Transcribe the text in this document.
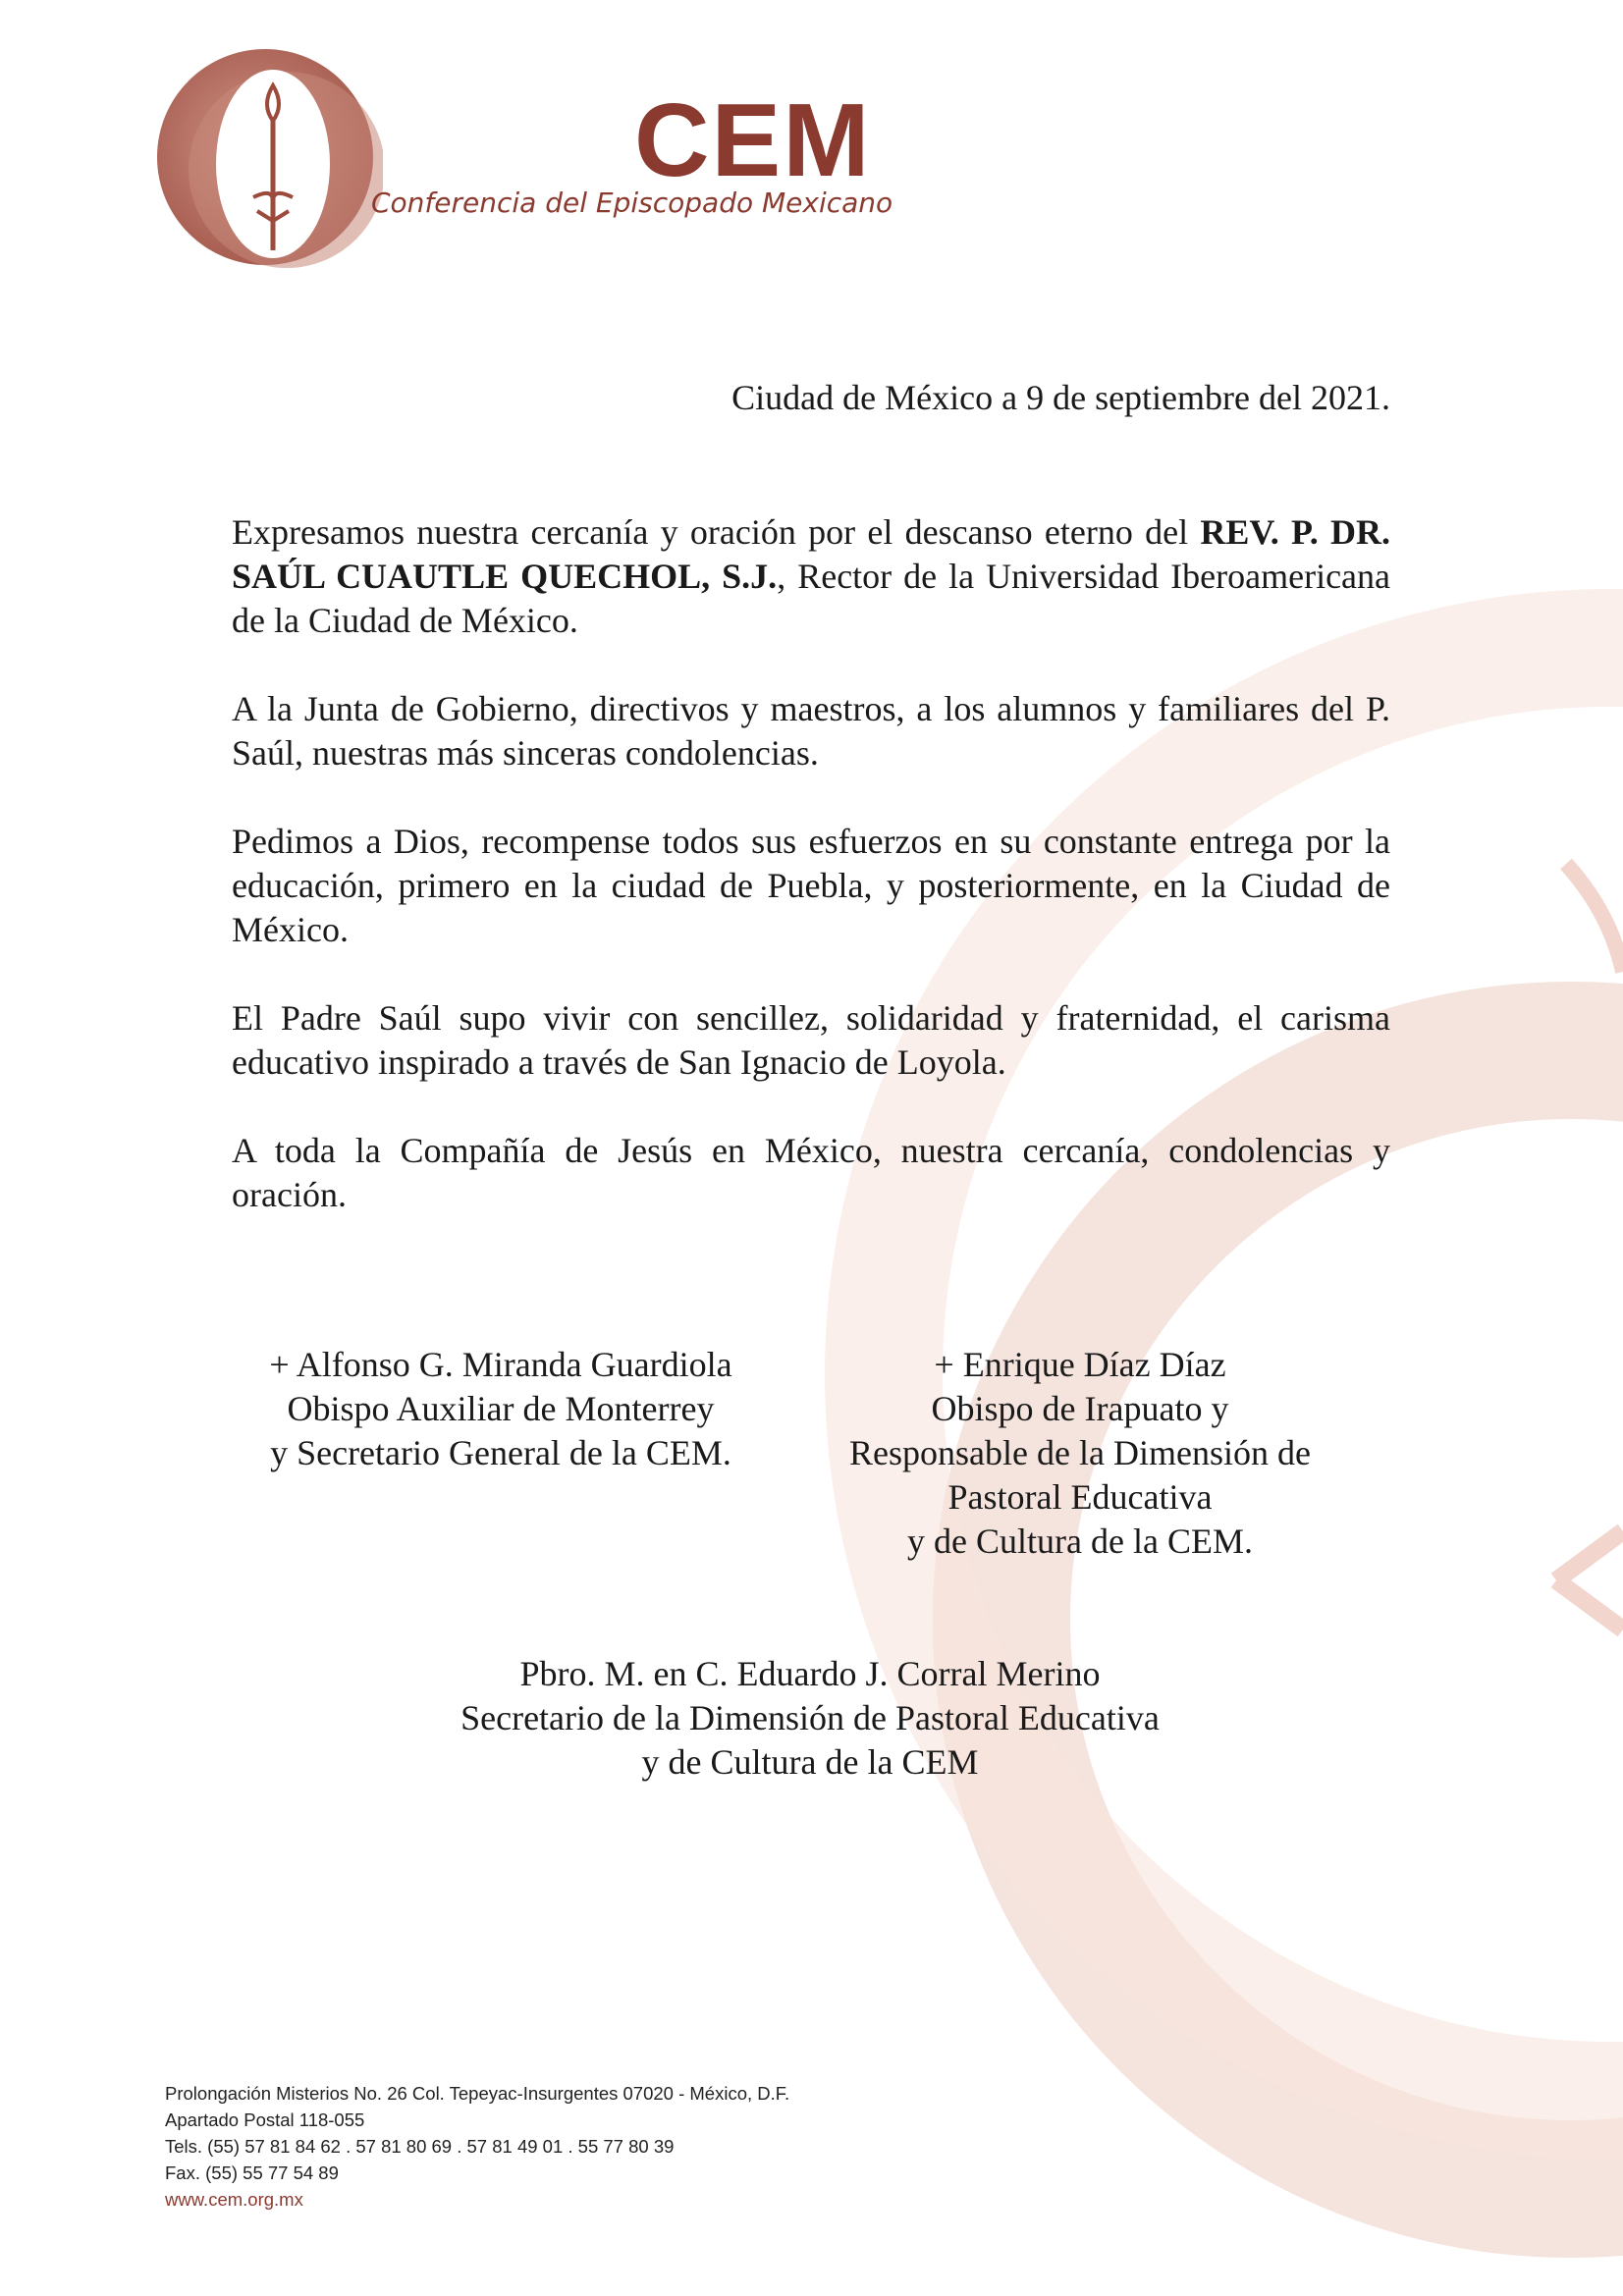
CEM
Conferencia del Episcopado Mexicano
Ciudad de México a 9 de septiembre del 2021.

Expresamos nuestra cercanía y oración por el descanso eterno del REV. P. DR. SAÚL CUAUTLE QUECHOL, S.J., Rector de la Universidad Iberoamericana de la Ciudad de México.

A la Junta de Gobierno, directivos y maestros, a los alumnos y familiares del P. Saúl, nuestras más sinceras condolencias.

Pedimos a Dios, recompense todos sus esfuerzos en su constante entrega por la educación, primero en la ciudad de Puebla, y posteriormente, en la Ciudad de México.

El Padre Saúl supo vivir con sencillez, solidaridad y fraternidad, el carisma educativo inspirado a través de San Ignacio de Loyola.

A toda la Compañía de Jesús en México, nuestra cercanía, condolencias y oración.

+ Alfonso G. Miranda Guardiola
Obispo Auxiliar de Monterrey
y Secretario General de la CEM.
+ Enrique Díaz Díaz
Obispo de Irapuato y
Responsable de la Dimensión de
Pastoral Educativa
y de Cultura de la CEM.
Pbro. M. en C. Eduardo J. Corral Merino
Secretario de la Dimensión de Pastoral Educativa
y de Cultura de la CEM
Prolongación Misterios No. 26 Col. Tepeyac-Insurgentes 07020 - México, D.F.
Apartado Postal 118-055
Tels. (55) 57 81 84 62 . 57 81 80 69 . 57 81 49 01 . 55 77 80 39
Fax. (55) 55 77 54 89
www.cem.org.mx
